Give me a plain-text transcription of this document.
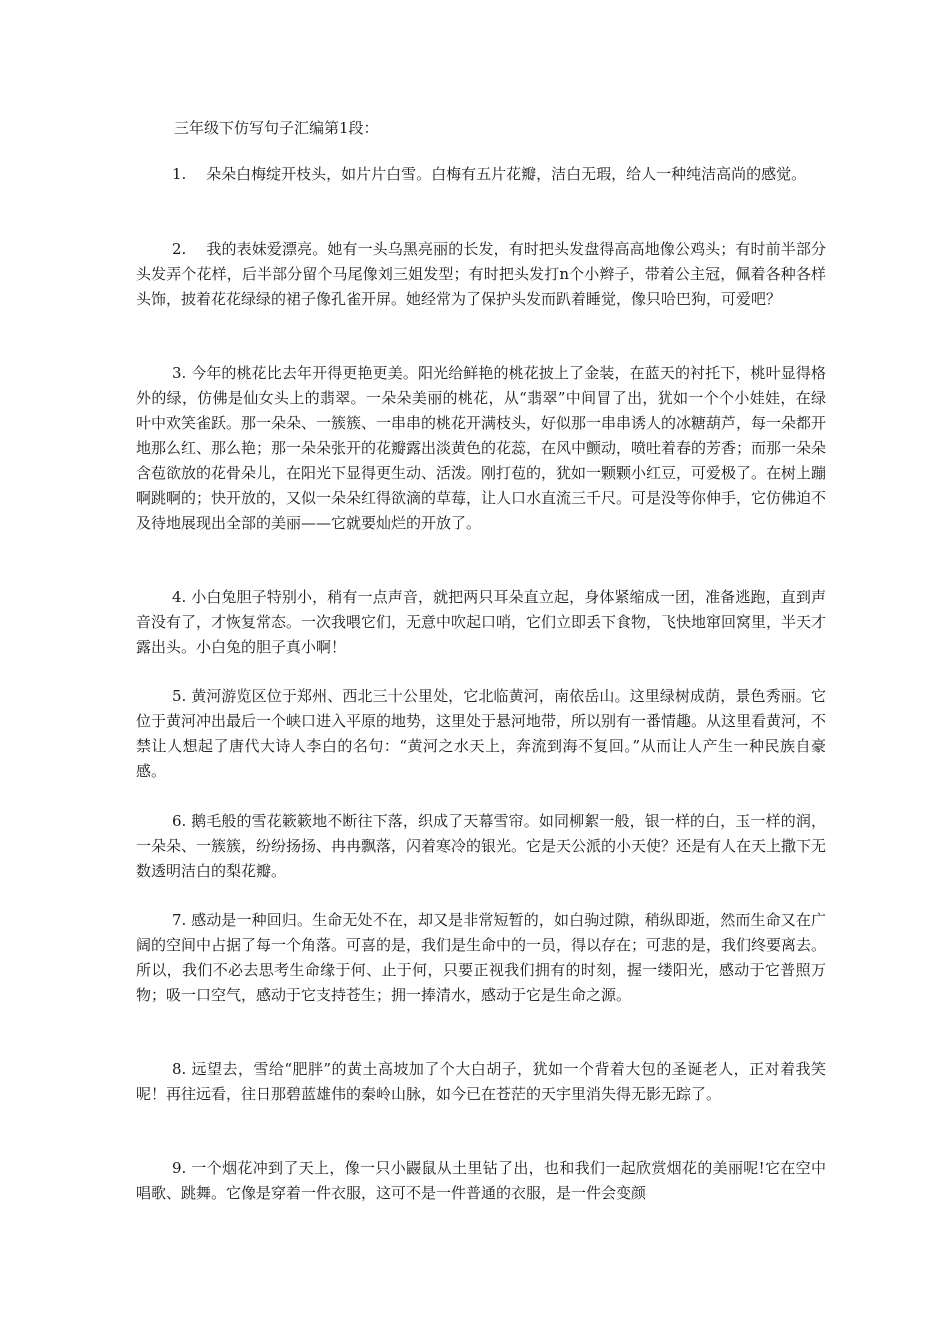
三年级下仿写句子汇编第1段：

1.　 朵朵白梅绽开枝头，如片片白雪。白梅有五片花瓣，洁白无瑕，给人一种纯洁高尚的感觉。

2.　 我的表妹爱漂亮。她有一头乌黑亮丽的长发，有时把头发盘得高高地像公鸡头；有时前半部分头发弄个花样，后半部分留个马尾像刘三姐发型；有时把头发打n个小辫子，带着公主冠，佩着各种各样头饰，披着花花绿绿的裙子像孔雀开屏。她经常为了保护头发而趴着睡觉，像只哈巴狗，可爱吧？

3. 今年的桃花比去年开得更艳更美。阳光给鲜艳的桃花披上了金装，在蓝天的衬托下，桃叶显得格外的绿，仿佛是仙女头上的翡翠。一朵朵美丽的桃花，从“翡翠”中间冒了出，犹如一个个小娃娃，在绿叶中欢笑雀跃。那一朵朵、一簇簇、一串串的桃花开满枝头，好似那一串串诱人的冰糖葫芦，每一朵都开地那么红、那么艳；那一朵朵张开的花瓣露出淡黄色的花蕊，在风中颤动，喷吐着春的芳香；而那一朵朵含苞欲放的花骨朵儿，在阳光下显得更生动、活泼。刚打苞的，犹如一颗颗小红豆，可爱极了。在树上蹦啊跳啊的；快开放的，又似一朵朵红得欲滴的草莓，让人口水直流三千尺。可是没等你伸手，它仿佛迫不及待地展现出全部的美丽——它就要灿烂的开放了。

4. 小白兔胆子特别小，稍有一点声音，就把两只耳朵直立起，身体紧缩成一团，准备逃跑，直到声音没有了，才恢复常态。一次我喂它们，无意中吹起口哨，它们立即丢下食物，飞快地窜回窝里，半天才露出头。小白兔的胆子真小啊！

5. 黄河游览区位于郑州、西北三十公里处，它北临黄河，南依岳山。这里绿树成荫，景色秀丽。它位于黄河冲出最后一个峡口进入平原的地势，这里处于悬河地带，所以别有一番情趣。从这里看黄河，不禁让人想起了唐代大诗人李白的名句：“黄河之水天上，奔流到海不复回。”从而让人产生一种民族自豪感。

6. 鹅毛般的雪花簌簌地不断往下落，织成了天幕雪帘。如同柳絮一般，银一样的白，玉一样的润，一朵朵、一簇簇，纷纷扬扬、冉冉飘落，闪着寒冷的银光。它是天公派的小天使？还是有人在天上撒下无数透明洁白的梨花瓣。

7. 感动是一种回归。生命无处不在，却又是非常短暂的，如白驹过隙，稍纵即逝，然而生命又在广阔的空间中占据了每一个角落。可喜的是，我们是生命中的一员，得以存在；可悲的是，我们终要离去。所以，我们不必去思考生命缘于何、止于何，只要正视我们拥有的时刻，握一缕阳光，感动于它普照万物；吸一口空气，感动于它支持苍生；拥一捧清水，感动于它是生命之源。

8. 远望去，雪给“肥胖”的黄土高坡加了个大白胡子，犹如一个背着大包的圣诞老人，正对着我笑呢！再往远看，往日那碧蓝雄伟的秦岭山脉，如今已在苍茫的天宇里消失得无影无踪了。

9. 一个烟花冲到了天上，像一只小鼹鼠从土里钻了出，也和我们一起欣赏烟花的美丽呢!它在空中唱歌、跳舞。它像是穿着一件衣服，这可不是一件普通的衣服，是一件会变颜
